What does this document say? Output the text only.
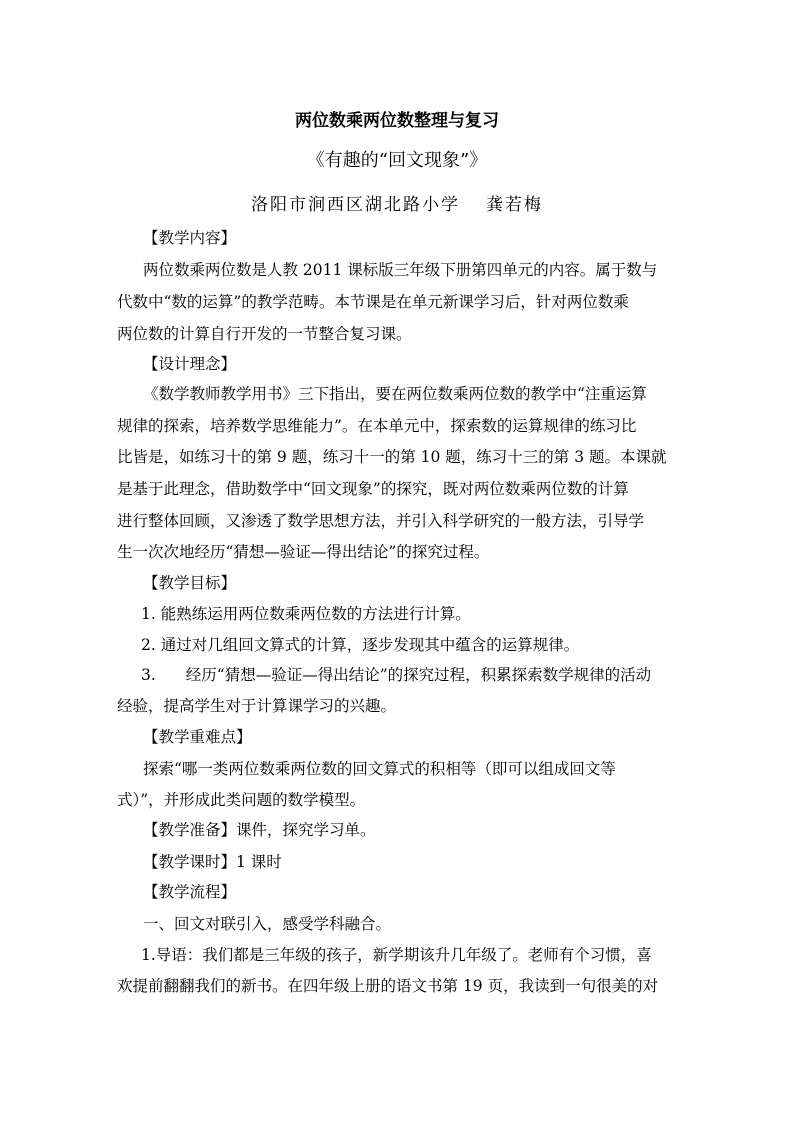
两位数乘两位数整理与复习
《有趣的“回文现象”》
洛阳市涧西区湖北路小学 龚若梅
【教学内容】
两位数乘两位数是人教 2011 课标版三年级下册第四单元的内容。属于数与
代数中“数的运算”的教学范畴。本节课是在单元新课学习后，针对两位数乘
两位数的计算自行开发的一节整合复习课。
【设计理念】
《数学教师教学用书》三下指出，要在两位数乘两位数的教学中“注重运算
规律的探索，培养数学思维能力”。在本单元中，探索数的运算规律的练习比
比皆是，如练习十的第 9 题，练习十一的第 10 题，练习十三的第 3 题。本课就
是基于此理念，借助数学中“回文现象”的探究，既对两位数乘两位数的计算
进行整体回顾，又渗透了数学思想方法，并引入科学研究的一般方法，引导学
生一次次地经历“猜想—验证—得出结论”的探究过程。
【教学目标】
1. 能熟练运用两位数乘两位数的方法进行计算。
2. 通过对几组回文算式的计算，逐步发现其中蕴含的运算规律。
3. 经历“猜想—验证—得出结论”的探究过程，积累探索数学规律的活动
经验，提高学生对于计算课学习的兴趣。
【教学重难点】
探索“哪一类两位数乘两位数的回文算式的积相等（即可以组成回文等
式）”，并形成此类问题的数学模型。
【教学准备】课件，探究学习单。
【教学课时】1 课时
【教学流程】
一、回文对联引入，感受学科融合。
1.导语：我们都是三年级的孩子，新学期该升几年级了。老师有个习惯，喜
欢提前翻翻我们的新书。在四年级上册的语文书第 19 页，我读到一句很美的对
